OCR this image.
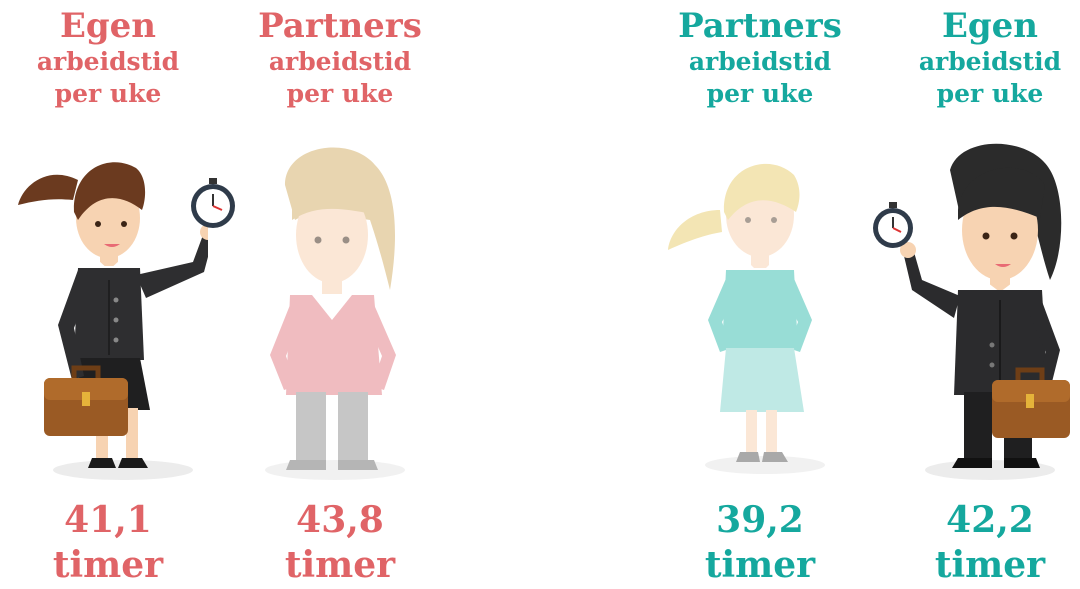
Egen
arbeidstid
per uke
41,1
timer
Partners
arbeidstid
per uke
43,8
timer
Partners
arbeidstid
per uke
39,2
timer
Egen
arbeidstid
per uke
42,2
timer
